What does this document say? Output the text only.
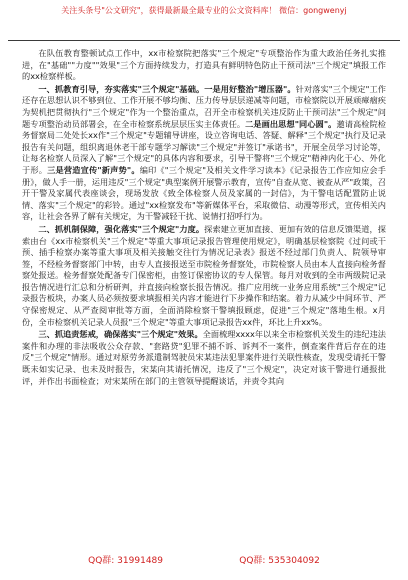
关注头条号"公文研究"，获得最新最全最专业的公文资料库！ 微信：gongwenyj

在队伍教育整顿试点工作中，xx市检察院把落实"三个规定"专项整治作为重大政治任务扎实推进，在"基础""力度""效果"三个方面持续发力，打造具有鲜明特色防止干预司法"三个规定"填报工作的xx检察样板。

一、抓教育引导，夯实落实"三个规定"基础。一是用好整治"增压器"。针对落实"三个规定"工作还存在思想认识不够到位、工作开展不够均衡、压力传导层层递减等问题，市检察院以开展顽瘴痼疾为契机把贯彻执行"三个规定"作为一个整治重点，召开全市检察机关违反防止干预司法"三个规定"问题专项整治动员部署会，在全市检察系统层层压实主体责任。二是画出思想"同心圆"。邀请高检院检务督察局二处处长xx作"三个规定"专题辅导讲座，设立咨询电话、答疑、解释"三个规定"执行及记录报告有关问题，组织离退休老干部专题学习解读"三个规定"并签订"承诺书"，开展全员学习讨论等，让每名检察人员深入了解"三个规定"的具体内容和要求，引导干警将"三个规定"精神内化于心、外化于形。三是营造宣传"新声势"。编印《"三个规定"及相关文件学习读本》《记录报告工作应知应会手册》，做人手一册，运用违反"三个规定"典型案例开展警示教育，宣传"自查从宽、被查从严"政策，召开干警及家属代表座谈会，现场发放《致全体检察人员及家属的一封信》，为干警电话配置防止说情、落实"三个规定"的彩铃。通过"xx检察发布"等新媒体平台，采取微信、动漫等形式，宣传相关内容，让社会各界了解有关规定，为干警减轻干扰、说情打招呼行为。

二、抓机制保障，强化落实"三个规定"力度。探索建立更加直接、更加有效的信息反馈渠道，探索由台《xx市检察机关"三个规定"等重大事项记录报告管理使用规定》，明确基层检察院《过问或干预、插手检察办案等重大事项及相关接触交往行为情况记录表》报送不经过部门负责人、院领导审签，不经检务督察部门中转，由专人直接报送至市院检务督察处，市院检察人员由本人直接向检务督察处报送。检务督察处配备专门保密柜，由签订保密协议的专人保管。每月对收到的全市两级院记录报告情况进行汇总和分析研判，并直接向检察长报告情况。推广应用统一业务应用系统"三个规定"记录报告板块，办案人员必须按要求填报相关内容才能进行下步操作和结案。着力从减少中间环节、严守保密规定、从严查阅审批等方面，全面消除检察干警填报顾虑，促进"三个规定"落地生根。x月份，全市检察机关记录人员报"三个规定"等重大事项记录报告xx件，环比上升xx%。

三、抓追责惩戒，确保落实"三个规定"效果。全面梳理xxxx年以来全市检察机关发生的违纪违法案件和办理的非法吸收公众存款、"套路贷"犯罪不捕不诉、诉判不一案件，倒查案件背后存在的违反"三个规定"情形。通过对原劳务派遣制驾驶员宋某违法犯罪案件进行关联性核查，发现受请托干警既未如实记录、也未及时报告，宋某向其请托情况，违反了"三个规定"，决定对该干警进行通报批评，并作出书面检查；对宋某所在部门的主管领导提醒谈话，并责令其向

QQ群: 31991489	QQ群: 535304092
